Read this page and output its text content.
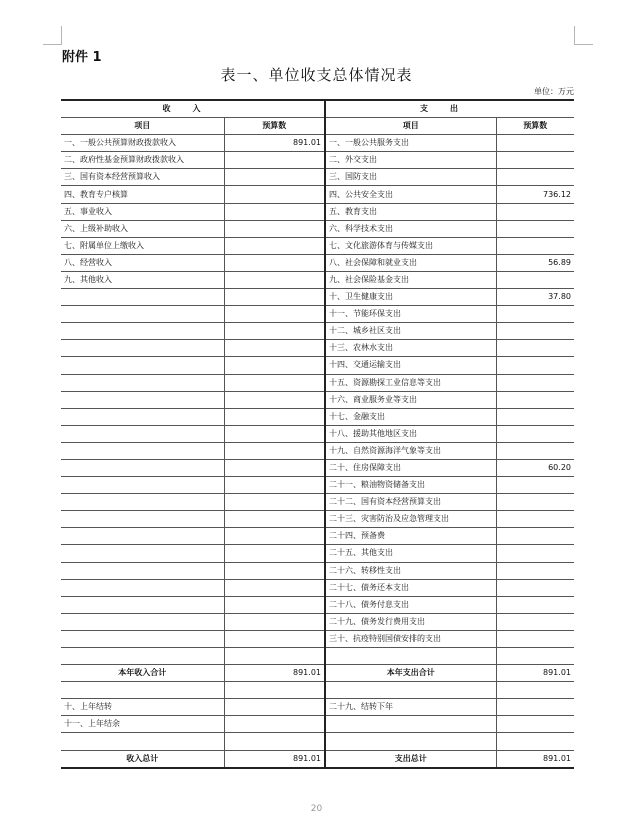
附件 1
表一、单位收支总体情况表
单位：万元
收入		支出	
项目	预算数	项目	预算数
一、一般公共预算财政拨款收入	891.01	一、一般公共服务支出	
二、政府性基金预算财政拨款收入		二、外交支出	
三、国有资本经营预算收入		三、国防支出	
四、教育专户核算		四、公共安全支出	736.12
五、事业收入		五、教育支出	
六、上级补助收入		六、科学技术支出	
七、附属单位上缴收入		七、文化旅游体育与传媒支出	
八、经营收入		八、社会保障和就业支出	56.89
九、其他收入		九、社会保险基金支出	
		十、卫生健康支出	37.80
		十一、节能环保支出	
		十二、城乡社区支出	
		十三、农林水支出	
		十四、交通运输支出	
		十五、资源勘探工业信息等支出	
		十六、商业服务业等支出	
		十七、金融支出	
		十八、援助其他地区支出	
		十九、自然资源海洋气象等支出	
		二十、住房保障支出	60.20
		二十一、粮油物资储备支出	
		二十二、国有资本经营预算支出	
		二十三、灾害防治及应急管理支出	
		二十四、预备费	
		二十五、其他支出	
		二十六、转移性支出	
		二十七、债务还本支出	
		二十八、债务付息支出	
		二十九、债务发行费用支出	
		三十、抗疫特别国债安排的支出	

本年收入合计	891.01	本年支出合计	891.01

十、上年结转		二十九、结转下年	
十一、上年结余			

收入总计	891.01	支出总计	891.01
20
